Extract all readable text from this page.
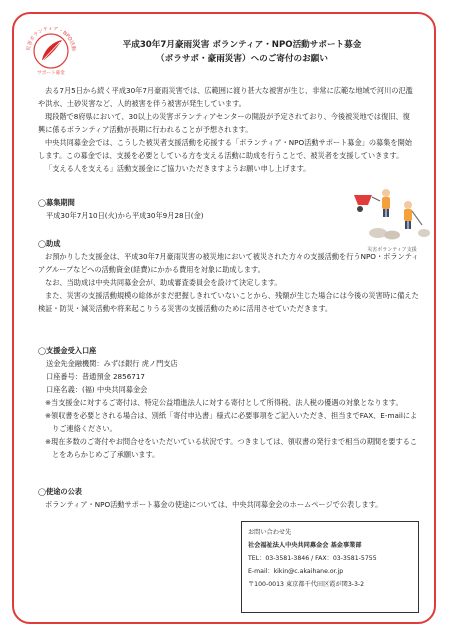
災害ボランティア・NPO活動
サポート募金
平成30年7月豪雨災害 ボランティア・NPO活動サポート募金
（ボラサポ・豪雨災害）へのご寄付のお願い

去る7月5日から続く平成30年7月豪雨災害では、広範囲に渡り甚大な被害が生じ、非常に広範な地域で河川の氾濫や洪水、土砂災害など、人的被害を伴う被害が発生しています。

現段階で8府県において、30以上の災害ボランティアセンターの開設が予定されており、今後被災地では復旧、復興に係るボランティア活動が長期に行われることが予想されます。

中央共同募金会では、こうした被災者支援活動を応援する「ボランティア・NPO活動サポート募金」の募集を開始します。この募金では、支援を必要としている方を支える活動に助成を行うことで、被災者を支援していきます。

「支える人を支える」活動支援金にご協力いただきますようお願い申し上げます。

災害ボランティア支援

◯募集期間

平成30年7月10日(火)から平成30年9月28日(金)

◯助成

お預かりした支援金は、平成30年7月豪雨災害の被災地において被災された方々の支援活動を行うNPO・ボランティアグループなどへの活動資金(経費)にかかる費用を対象に助成します。

なお、当助成は中央共同募金会が、助成審査委員会を設けて決定します。

また、災害の支援活動規模の総体がまだ把握しきれていないことから、残額が生じた場合には今後の災害時に備えた検証・防災・減災活動や将来起こりうる災害の支援活動のために活用させていただきます。

◯支援金受入口座

送金先金融機関：みずほ銀行 虎ノ門支店

口座番号：普通預金 2856717

口座名義：(福) 中央共同募金会

※当支援金に対するご寄付は、特定公益増進法人に対する寄付として所得税、法人税の優遇の対象となります。

※領収書を必要とされる場合は、別紙「寄付申込書」様式に必要事項をご記入いただき、担当までFAX、E-mailによりご連絡ください。

※現在多数のご寄付やお問合せをいただいている状況です。つきましては、領収書の発行まで相当の期間を要することをあらかじめご了承願います。

◯使途の公表

ボランティア・NPO活動サポート募金の使途については、中央共同募金会のホームページで公表します。

お問い合わせ先
社会福祉法人中央共同募金会 基金事業部
TEL：03-3581-3846 / FAX：03-3581-5755
E-mail：kikin@c.akaihane.or.jp
〒100-0013 東京都千代田区霞が関3-3-2
